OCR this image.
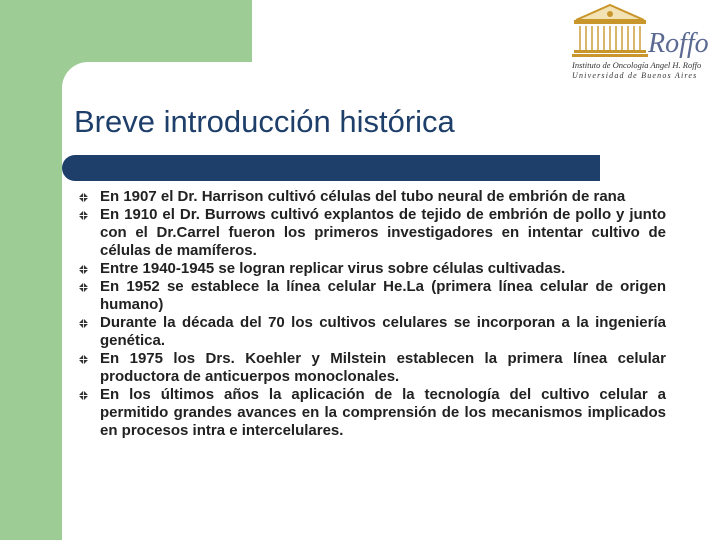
Roffo
Instituto de Oncología Angel H. Roffo
Universidad de Buenos Aires
Breve introducción histórica
En 1907 el Dr. Harrison cultivó células del tubo neural de embrión de rana
En 1910 el Dr. Burrows cultivó explantos de tejido de embrión de pollo y junto con el Dr.Carrel fueron los primeros investigadores en intentar cultivo de células de mamíferos.
Entre 1940-1945 se logran replicar virus sobre células cultivadas.
En 1952 se establece la línea celular He.La (primera línea celular de origen humano)
Durante la década del 70 los cultivos celulares se incorporan a la ingeniería genética.
En 1975 los Drs. Koehler y Milstein establecen la primera línea celular productora de anticuerpos monoclonales.
En los últimos años la aplicación de la tecnología del cultivo celular a permitido grandes avances en la comprensión de los mecanismos implicados en procesos intra e intercelulares.
